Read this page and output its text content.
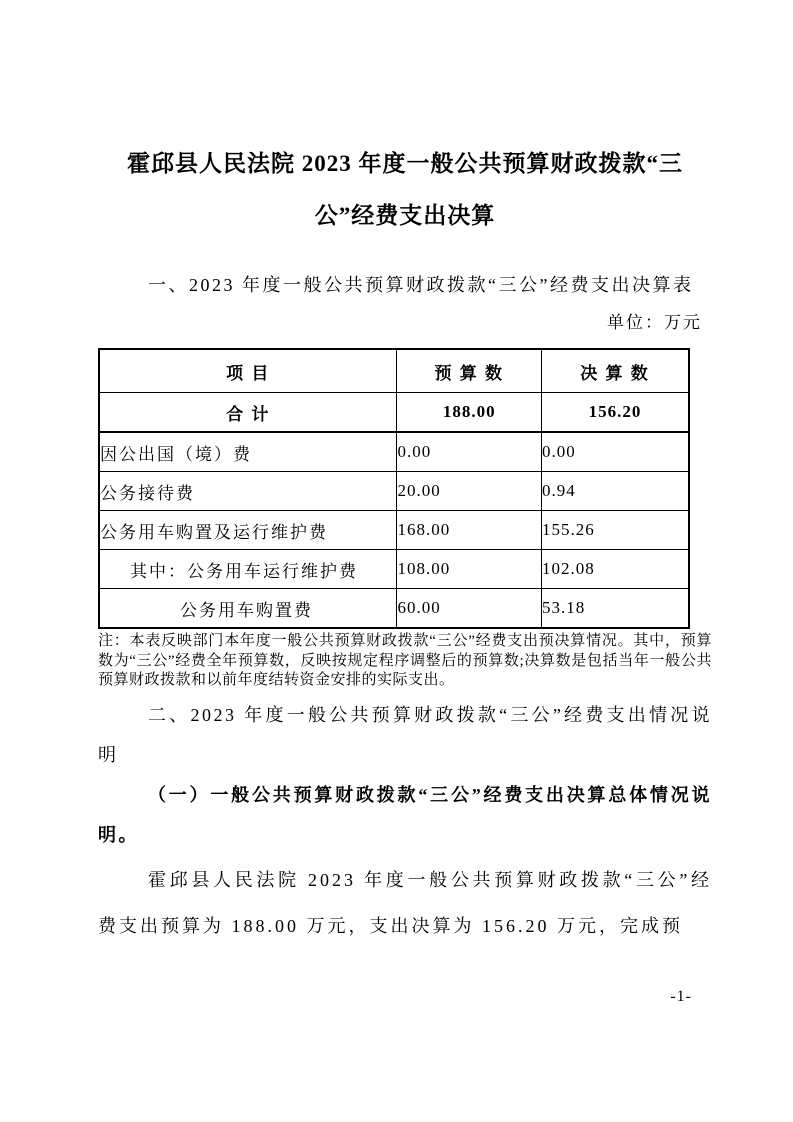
霍邱县人民法院 2023 年度一般公共预算财政拨款“三公”经费支出决算

一、2023 年度一般公共预算财政拨款“三公”经费支出决算表

单位：万元

项 目	预 算 数	决 算 数
合 计	188.00	156.20
因公出国（境）费	0.00	0.00
公务接待费	20.00	0.94
公务用车购置及运行维护费	168.00	155.26
其中：公务用车运行维护费	108.00	102.08
公务用车购置费	60.00	53.18

注：本表反映部门本年度一般公共预算财政拨款“三公”经费支出预决算情况。其中，预算数为“三公”经费全年预算数，反映按规定程序调整后的预算数;决算数是包括当年一般公共预算财政拨款和以前年度结转资金安排的实际支出。

二、2023 年度一般公共预算财政拨款“三公”经费支出情况说明

（一）一般公共预算财政拨款“三公”经费支出决算总体情况说明。

霍邱县人民法院 2023 年度一般公共预算财政拨款“三公”经费支出预算为 188.00 万元，支出决算为 156.20 万元，完成预

-1-
